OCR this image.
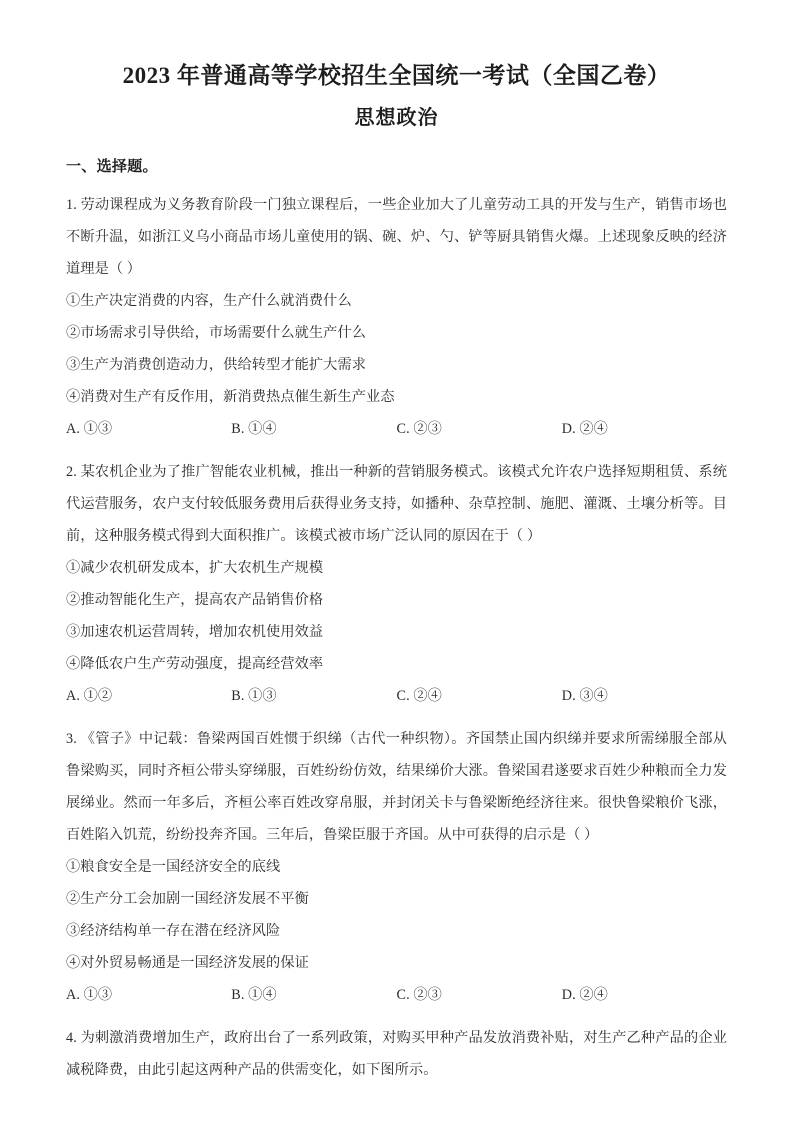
2023 年普通高等学校招生全国统一考试（全国乙卷）
思想政治
一、选择题。

1. 劳动课程成为义务教育阶段一门独立课程后，一些企业加大了儿童劳动工具的开发与生产，销售市场也不断升温，如浙江义乌小商品市场儿童使用的锅、碗、炉、勺、铲等厨具销售火爆。上述现象反映的经济道理是（ ）

①生产决定消费的内容，生产什么就消费什么

②市场需求引导供给，市场需要什么就生产什么

③生产为消费创造动力，供给转型才能扩大需求

④消费对生产有反作用，新消费热点催生新生产业态

A. ①③	B. ①④	C. ②③	D. ②④

2. 某农机企业为了推广智能农业机械，推出一种新的营销服务模式。该模式允许农户选择短期租赁、系统代运营服务，农户支付较低服务费用后获得业务支持，如播种、杂草控制、施肥、灌溉、土壤分析等。目前，这种服务模式得到大面积推广。该模式被市场广泛认同的原因在于（ ）

①减少农机研发成本，扩大农机生产规模

②推动智能化生产，提高农产品销售价格

③加速农机运营周转，增加农机使用效益

④降低农户生产劳动强度，提高经营效率

A. ①②	B. ①③	C. ②④	D. ③④

3. 《管子》中记载：鲁梁两国百姓惯于织绨（古代一种织物）。齐国禁止国内织绨并要求所需绨服全部从鲁梁购买，同时齐桓公带头穿绨服，百姓纷纷仿效，结果绨价大涨。鲁梁国君遂要求百姓少种粮而全力发展绨业。然而一年多后，齐桓公率百姓改穿帛服，并封闭关卡与鲁梁断绝经济往来。很快鲁梁粮价飞涨，百姓陷入饥荒，纷纷投奔齐国。三年后，鲁梁臣服于齐国。从中可获得的启示是（ ）

①粮食安全是一国经济安全的底线

②生产分工会加剧一国经济发展不平衡

③经济结构单一存在潜在经济风险

④对外贸易畅通是一国经济发展的保证

A. ①③	B. ①④	C. ②③	D. ②④

4. 为刺激消费增加生产，政府出台了一系列政策，对购买甲种产品发放消费补贴，对生产乙种产品的企业减税降费，由此引起这两种产品的供需变化，如下图所示。
